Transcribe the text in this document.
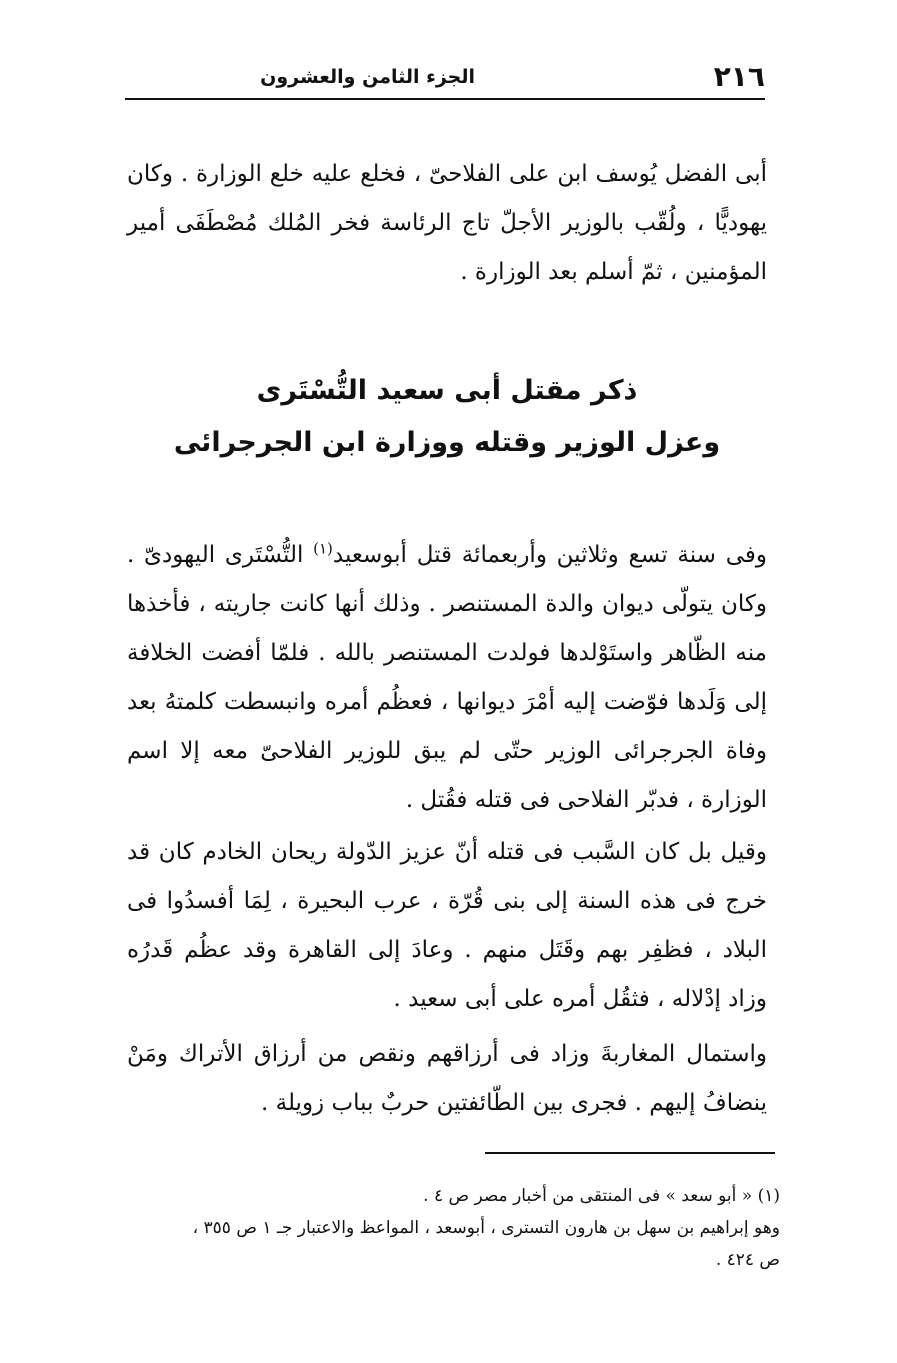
٢١٦
الجزء الثامن والعشرون

أبى الفضل يُوسف ابن على الفلاحىّ ، فخلع عليه خلع الوزارة . وكان يهوديًّا ، ولُقّب بالوزير الأجلّ تاج الرئاسة فخر المُلك مُصْطَفَى أمير المؤمنين ، ثمّ أسلم بعد الوزارة .

ذكر مقتل أبى سعيد التُّسْتَرى
وعزل الوزير وقتله ووزارة ابن الجرجرائى

وفى سنة تسع وثلاثين وأربعمائة قتل أبوسعيد$^{(١)}$ التُّسْتَرى اليهودىّ . وكان يتولّى ديوان والدة المستنصر . وذلك أنها كانت جاريته ، فأخذها منه الظّاهر واستَوْلدها فولدت المستنصر بالله . فلمّا أفضت الخلافة إلى وَلَدها فوّضت إليه أمْرَ ديوانها ، فعظُم أمره وانبسطت كلمتهُ بعد وفاة الجرجرائى الوزير حتّى لم يبق للوزير الفلاحىّ معه إلا اسم الوزارة ، فدبّر الفلاحى فى قتله فقُتل .

وقيل بل كان السَّبب فى قتله أنّ عزيز الدّولة ريحان الخادم كان قد خرج فى هذه السنة إلى بنى قُرّة ، عرب البحيرة ، لِمَا أفسدُوا فى البلاد ، فظفِر بهم وقَتَل منهم . وعادَ إلى القاهرة وقد عظُم قَدرُه وزاد إدْلاله ، فثقُل أمره على أبى سعيد .

واستمال المغاربةَ وزاد فى أرزاقهم ونقص من أرزاق الأتراك ومَنْ ينضافُ إليهم . فجرى بين الطّائفتين حربٌ بباب زويلة .

(١) « أبو سعد » فى المنتقى من أخبار مصر ص ٤ .

وهو إبراهيم بن سهل بن هارون التسترى ، أبوسعد ، المواعظ والاعتبار جـ ١ ص ٣٥٥ ،

ص ٤٢٤ .
